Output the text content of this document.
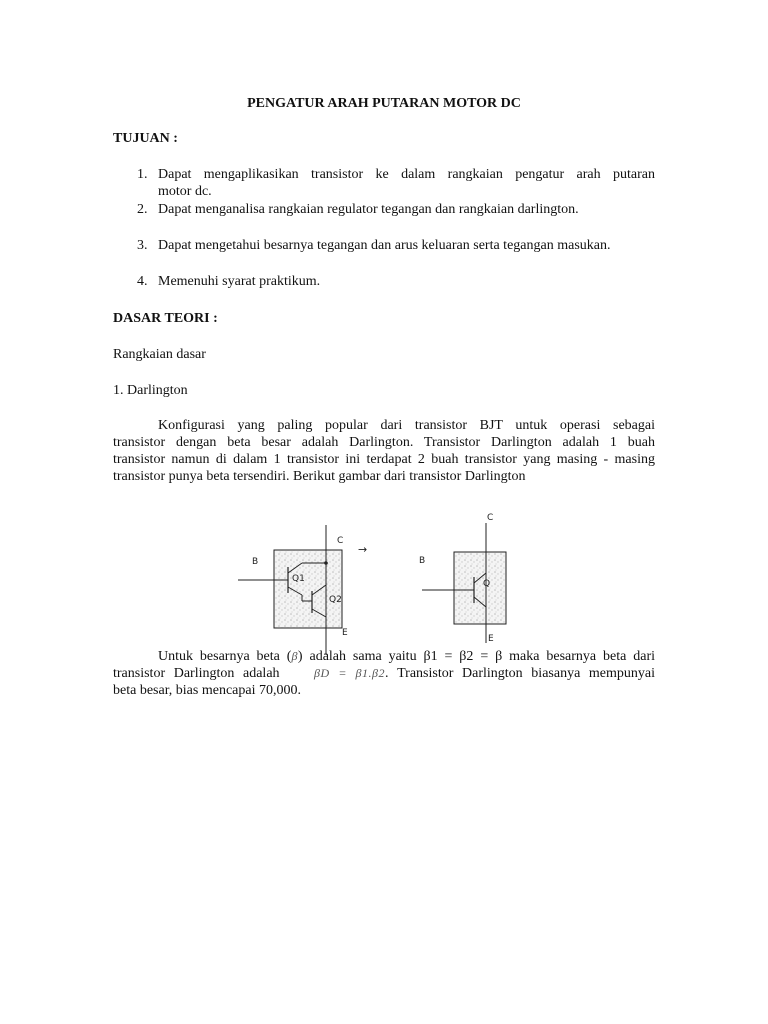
PENGATUR ARAH PUTARAN MOTOR DC
TUJUAN :
1. Dapat mengaplikasikan transistor ke dalam rangkaian pengatur arah putaran
motor dc.
2. Dapat menganalisa rangkaian regulator tegangan dan rangkaian darlington.
3. Dapat mengetahui besarnya tegangan dan arus keluaran serta tegangan masukan.
4. Memenuhi syarat praktikum.
DASAR TEORI :
Rangkaian dasar
1. Darlington
Konfigurasi yang paling popular dari transistor BJT untuk operasi sebagai
transistor dengan beta besar adalah Darlington. Transistor Darlington adalah 1 buah
transistor namun di dalam 1 transistor ini terdapat 2 buah transistor yang masing - masing
transistor punya beta tersendiri. Berikut gambar dari transistor Darlington
B
C
E
Q1
Q2
→
B
C
E
Q
Untuk besarnya beta (β) adalah sama yaitu β1 = β2 = β maka besarnya beta dari
transistor Darlington adalah	βD = β1.β2. Transistor Darlington biasanya mempunyai
beta besar, bias mencapai 70,000.
